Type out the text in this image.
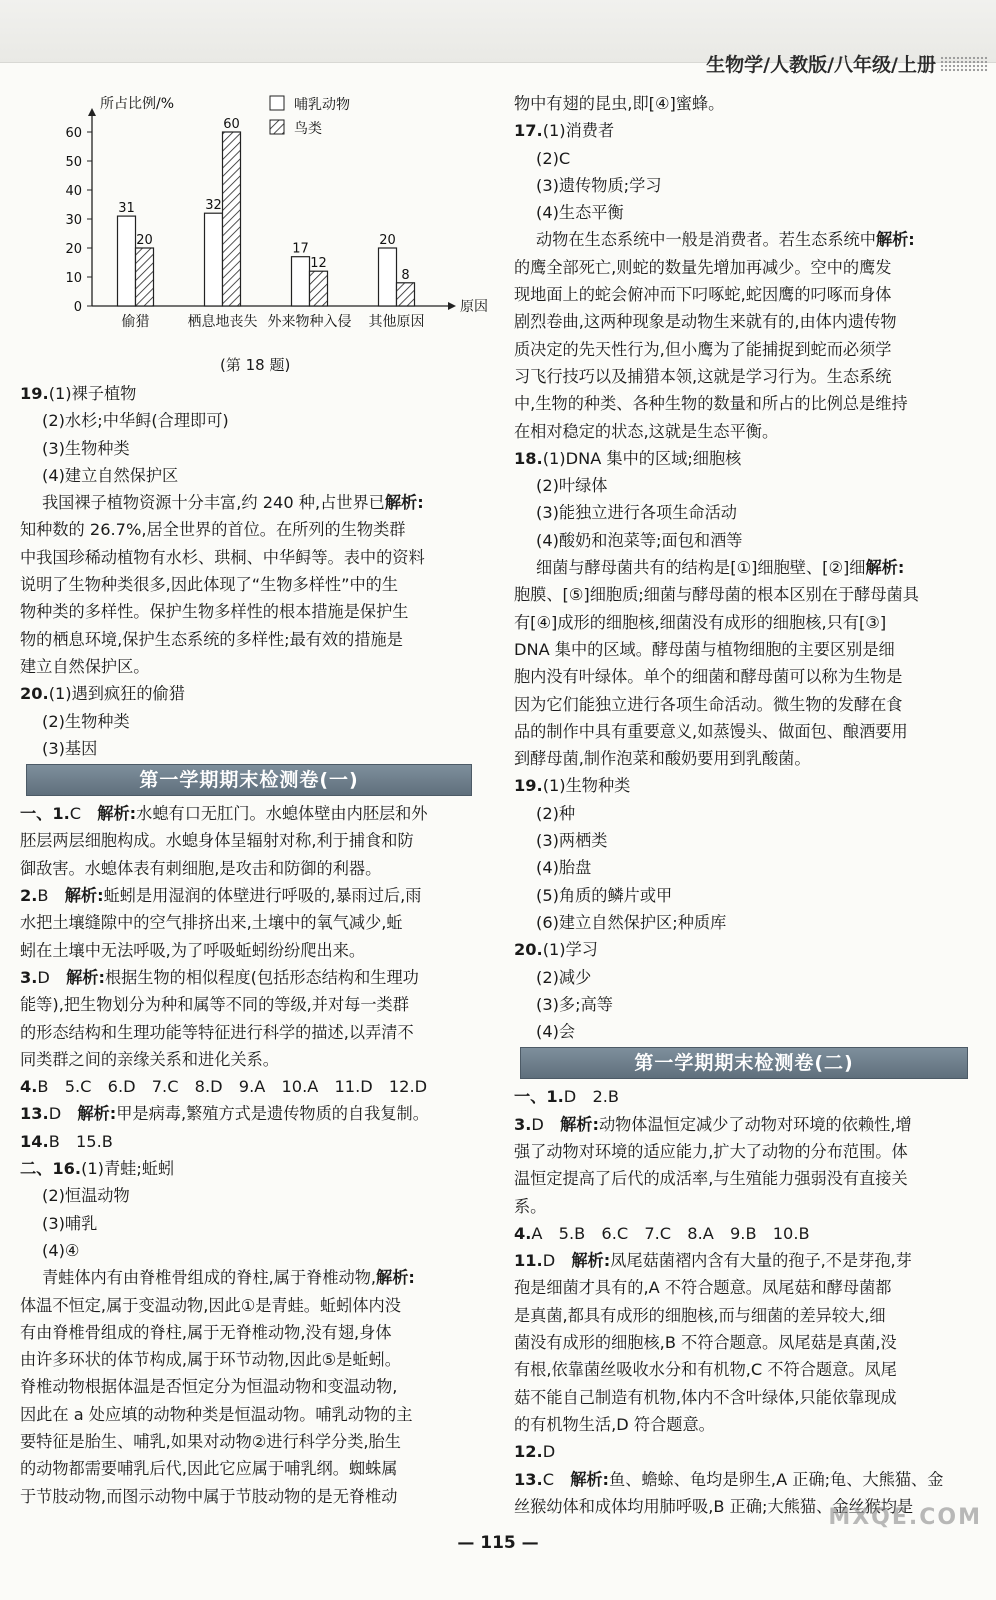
生物学/人教版/八年级/上册
所占比例/%
原因
0
10
20
30
40
50
60
偷猎
31
20
栖息地丧失
32
60
外来物种入侵
17
12
其他原因
20
8
哺乳动物
鸟类
(第 18 题)
19.(1)裸子植物
(2)水杉;中华鲟(合理即可)
(3)生物种类
(4)建立自然保护区
我国裸子植物资源十分丰富,约 240 种,占世界已解析:
知种数的 26.7%,居全世界的首位。在所列的生物类群
中我国珍稀动植物有水杉、珙桐、中华鲟等。表中的资料
说明了生物种类很多,因此体现了“生物多样性”中的生
物种类的多样性。保护生物多样性的根本措施是保护生
物的栖息环境,保护生态系统的多样性;最有效的措施是
建立自然保护区。
20.(1)遇到疯狂的偷猎
(2)生物种类
(3)基因
第一学期期末检测卷(一)
一、1.C　解析:水螅有口无肛门。水螅体壁由内胚层和外
胚层两层细胞构成。水螅身体呈辐射对称,利于捕食和防
御敌害。水螅体表有刺细胞,是攻击和防御的利器。
2.B　解析:蚯蚓是用湿润的体壁进行呼吸的,暴雨过后,雨
水把土壤缝隙中的空气排挤出来,土壤中的氧气减少,蚯
蚓在土壤中无法呼吸,为了呼吸蚯蚓纷纷爬出来。
3.D　解析:根据生物的相似程度(包括形态结构和生理功
能等),把生物划分为种和属等不同的等级,并对每一类群
的形态结构和生理功能等特征进行科学的描述,以弄清不
同类群之间的亲缘关系和进化关系。
4.B　5.C　6.D　7.C　8.D　9.A　10.A　11.D　12.D
13.D　解析:甲是病毒,繁殖方式是遗传物质的自我复制。
14.B　15.B
二、16.(1)青蛙;蚯蚓
(2)恒温动物
(3)哺乳
(4)④
青蛙体内有由脊椎骨组成的脊柱,属于脊椎动物,解析:
体温不恒定,属于变温动物,因此①是青蛙。蚯蚓体内没
有由脊椎骨组成的脊柱,属于无脊椎动物,没有翅,身体
由许多环状的体节构成,属于环节动物,因此⑤是蚯蚓。
脊椎动物根据体温是否恒定分为恒温动物和变温动物,
因此在 a 处应填的动物种类是恒温动物。哺乳动物的主
要特征是胎生、哺乳,如果对动物②进行科学分类,胎生
的动物都需要哺乳后代,因此它应属于哺乳纲。蜘蛛属
于节肢动物,而图示动物中属于节肢动物的是无脊椎动
物中有翅的昆虫,即[④]蜜蜂。
17.(1)消费者
(2)C
(3)遗传物质;学习
(4)生态平衡
动物在生态系统中一般是消费者。若生态系统中解析:
的鹰全部死亡,则蛇的数量先增加再减少。空中的鹰发
现地面上的蛇会俯冲而下叼啄蛇,蛇因鹰的叼啄而身体
剧烈卷曲,这两种现象是动物生来就有的,由体内遗传物
质决定的先天性行为,但小鹰为了能捕捉到蛇而必须学
习飞行技巧以及捕猎本领,这就是学习行为。生态系统
中,生物的种类、各种生物的数量和所占的比例总是维持
在相对稳定的状态,这就是生态平衡。
18.(1)DNA 集中的区域;细胞核
(2)叶绿体
(3)能独立进行各项生命活动
(4)酸奶和泡菜等;面包和酒等
细菌与酵母菌共有的结构是[①]细胞壁、[②]细解析:
胞膜、[⑤]细胞质;细菌与酵母菌的根本区别在于酵母菌具
有[④]成形的细胞核,细菌没有成形的细胞核,只有[③]
DNA 集中的区域。酵母菌与植物细胞的主要区别是细
胞内没有叶绿体。单个的细菌和酵母菌可以称为生物是
因为它们能独立进行各项生命活动。微生物的发酵在食
品的制作中具有重要意义,如蒸馒头、做面包、酿酒要用
到酵母菌,制作泡菜和酸奶要用到乳酸菌。
19.(1)生物种类
(2)种
(3)两栖类
(4)胎盘
(5)角质的鳞片或甲
(6)建立自然保护区;种质库
20.(1)学习
(2)减少
(3)多;高等
(4)会
第一学期期末检测卷(二)
一、1.D　2.B
3.D　解析:动物体温恒定减少了动物对环境的依赖性,增
强了动物对环境的适应能力,扩大了动物的分布范围。体
温恒定提高了后代的成活率,与生殖能力强弱没有直接关
系。
4.A　5.B　6.C　7.C　8.A　9.B　10.B
11.D　解析:凤尾菇菌褶内含有大量的孢子,不是芽孢,芽
孢是细菌才具有的,A 不符合题意。凤尾菇和酵母菌都
是真菌,都具有成形的细胞核,而与细菌的差异较大,细
菌没有成形的细胞核,B 不符合题意。凤尾菇是真菌,没
有根,依靠菌丝吸收水分和有机物,C 不符合题意。凤尾
菇不能自己制造有机物,体内不含叶绿体,只能依靠现成
的有机物生活,D 符合题意。
12.D
13.C　解析:鱼、蟾蜍、龟均是卵生,A 正确;龟、大熊猫、金
丝猴幼体和成体均用肺呼吸,B 正确;大熊猫、金丝猴均是
— 115 —
MXQE.COM
